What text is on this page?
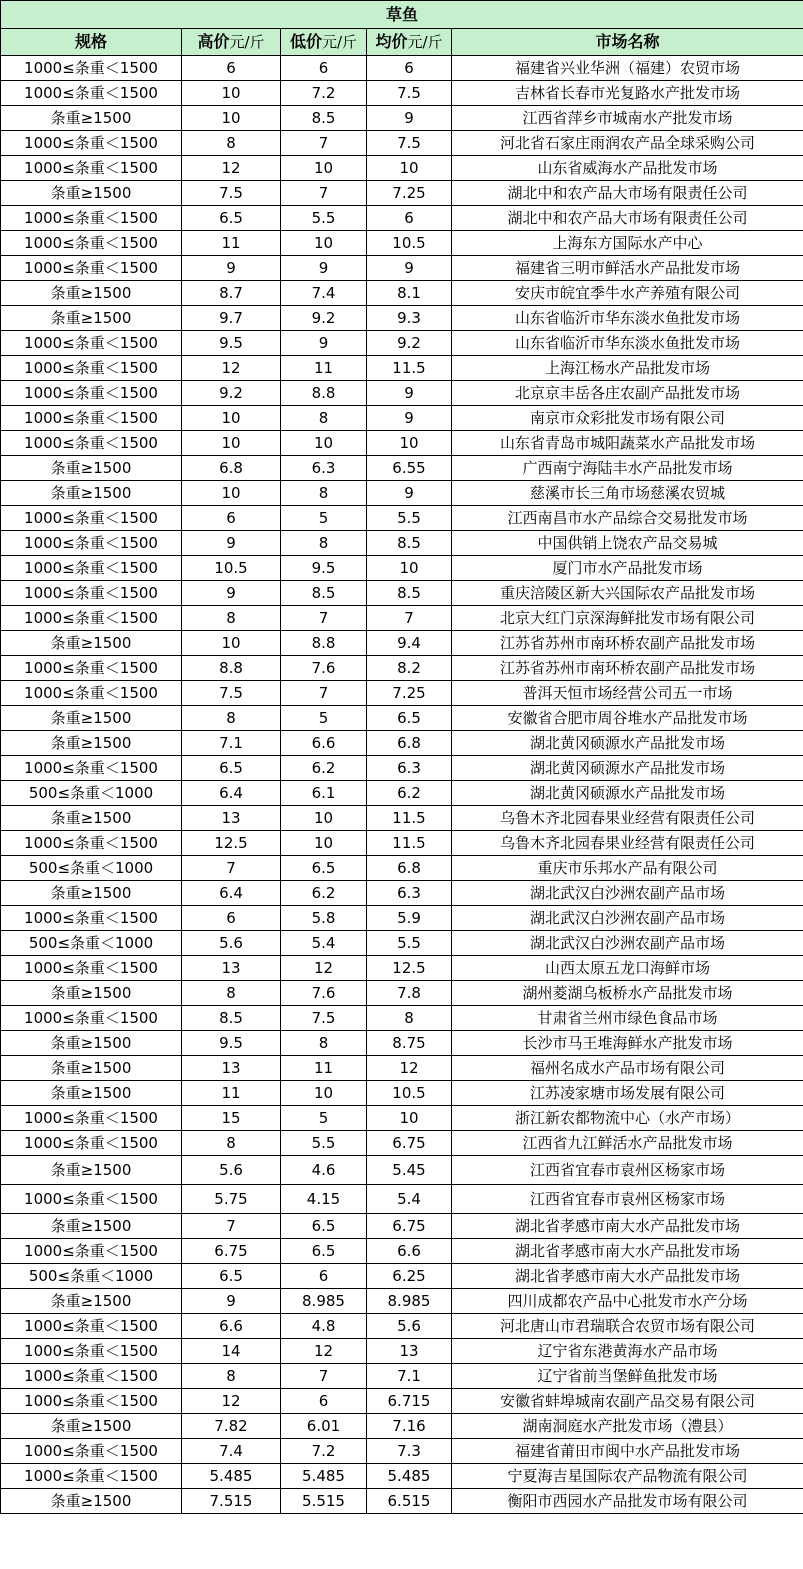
草鱼				
规格	高价元/斤	低价元/斤	均价元/斤	市场名称
1000≤条重＜1500	6	6	6	福建省兴业华洲（福建）农贸市场
1000≤条重＜1500	10	7.2	7.5	吉林省长春市光复路水产批发市场
条重≥1500	10	8.5	9	江西省萍乡市城南水产批发市场
1000≤条重＜1500	8	7	7.5	河北省石家庄雨润农产品全球采购公司
1000≤条重＜1500	12	10	10	山东省威海水产品批发市场
条重≥1500	7.5	7	7.25	湖北中和农产品大市场有限责任公司
1000≤条重＜1500	6.5	5.5	6	湖北中和农产品大市场有限责任公司
1000≤条重＜1500	11	10	10.5	上海东方国际水产中心
1000≤条重＜1500	9	9	9	福建省三明市鲜活水产品批发市场
条重≥1500	8.7	7.4	8.1	安庆市皖宜季牛水产养殖有限公司
条重≥1500	9.7	9.2	9.3	山东省临沂市华东淡水鱼批发市场
1000≤条重＜1500	9.5	9	9.2	山东省临沂市华东淡水鱼批发市场
1000≤条重＜1500	12	11	11.5	上海江杨水产品批发市场
1000≤条重＜1500	9.2	8.8	9	北京京丰岳各庄农副产品批发市场
1000≤条重＜1500	10	8	9	南京市众彩批发市场有限公司
1000≤条重＜1500	10	10	10	山东省青岛市城阳蔬菜水产品批发市场
条重≥1500	6.8	6.3	6.55	广西南宁海陆丰水产品批发市场
条重≥1500	10	8	9	慈溪市长三角市场慈溪农贸城
1000≤条重＜1500	6	5	5.5	江西南昌市水产品综合交易批发市场
1000≤条重＜1500	9	8	8.5	中国供销上饶农产品交易城
1000≤条重＜1500	10.5	9.5	10	厦门市水产品批发市场
1000≤条重＜1500	9	8.5	8.5	重庆涪陵区新大兴国际农产品批发市场
1000≤条重＜1500	8	7	7	北京大红门京深海鲜批发市场有限公司
条重≥1500	10	8.8	9.4	江苏省苏州市南环桥农副产品批发市场
1000≤条重＜1500	8.8	7.6	8.2	江苏省苏州市南环桥农副产品批发市场
1000≤条重＜1500	7.5	7	7.25	普洱天恒市场经营公司五一市场
条重≥1500	8	5	6.5	安徽省合肥市周谷堆水产品批发市场
条重≥1500	7.1	6.6	6.8	湖北黄冈硕源水产品批发市场
1000≤条重＜1500	6.5	6.2	6.3	湖北黄冈硕源水产品批发市场
500≤条重＜1000	6.4	6.1	6.2	湖北黄冈硕源水产品批发市场
条重≥1500	13	10	11.5	乌鲁木齐北园春果业经营有限责任公司
1000≤条重＜1500	12.5	10	11.5	乌鲁木齐北园春果业经营有限责任公司
500≤条重＜1000	7	6.5	6.8	重庆市乐邦水产品有限公司
条重≥1500	6.4	6.2	6.3	湖北武汉白沙洲农副产品市场
1000≤条重＜1500	6	5.8	5.9	湖北武汉白沙洲农副产品市场
500≤条重＜1000	5.6	5.4	5.5	湖北武汉白沙洲农副产品市场
1000≤条重＜1500	13	12	12.5	山西太原五龙口海鲜市场
条重≥1500	8	7.6	7.8	湖州菱湖乌板桥水产品批发市场
1000≤条重＜1500	8.5	7.5	8	甘肃省兰州市绿色食品市场
条重≥1500	9.5	8	8.75	长沙市马王堆海鲜水产批发市场
条重≥1500	13	11	12	福州名成水产品市场有限公司
条重≥1500	11	10	10.5	江苏凌家塘市场发展有限公司
1000≤条重＜1500	15	5	10	浙江新农都物流中心（水产市场）
1000≤条重＜1500	8	5.5	6.75	江西省九江鲜活水产品批发市场
条重≥1500	5.6	4.6	5.45	江西省宜春市袁州区杨家市场
1000≤条重＜1500	5.75	4.15	5.4	江西省宜春市袁州区杨家市场
条重≥1500	7	6.5	6.75	湖北省孝感市南大水产品批发市场
1000≤条重＜1500	6.75	6.5	6.6	湖北省孝感市南大水产品批发市场
500≤条重＜1000	6.5	6	6.25	湖北省孝感市南大水产品批发市场
条重≥1500	9	8.985	8.985	四川成都农产品中心批发市水产分场
1000≤条重＜1500	6.6	4.8	5.6	河北唐山市君瑞联合农贸市场有限公司
1000≤条重＜1500	14	12	13	辽宁省东港黄海水产品市场
1000≤条重＜1500	8	7	7.1	辽宁省前当堡鲜鱼批发市场
1000≤条重＜1500	12	6	6.715	安徽省蚌埠城南农副产品交易有限公司
条重≥1500	7.82	6.01	7.16	湖南洞庭水产批发市场（澧县）
1000≤条重＜1500	7.4	7.2	7.3	福建省莆田市闽中水产品批发市场
1000≤条重＜1500	5.485	5.485	5.485	宁夏海吉星国际农产品物流有限公司
条重≥1500	7.515	5.515	6.515	衡阳市西园水产品批发市场有限公司
